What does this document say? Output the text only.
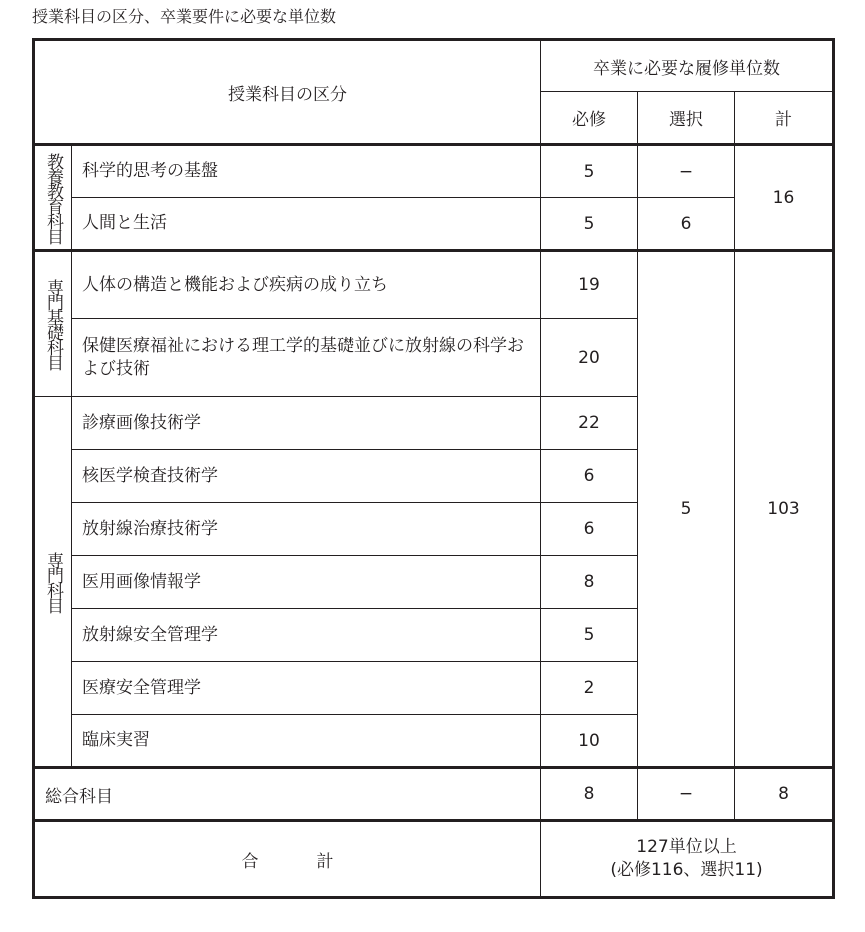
授業科目の区分、卒業要件に必要な単位数
授業科目の区分		卒業に必要な履修単位数		
		必修	選択	計

教養教育科目	科学的思考の基盤	5	−	16
	人間と生活	5	6	

専門基礎科目	人体の構造と機能および疾病の成り立ち	19	5	103
	保健医療福祉における理工学的基礎並びに放射線の科学および技術	20		

専門科目	診療画像技術学	22		
	核医学検査技術学	6		
	放射線治療技術学	6		
	医用画像情報学	8		
	放射線安全管理学	5		
	医療安全管理学	2		
	臨床実習	10		
総合科目		8	−	8
合 計		127単位以上
(必修116、選択11)		
